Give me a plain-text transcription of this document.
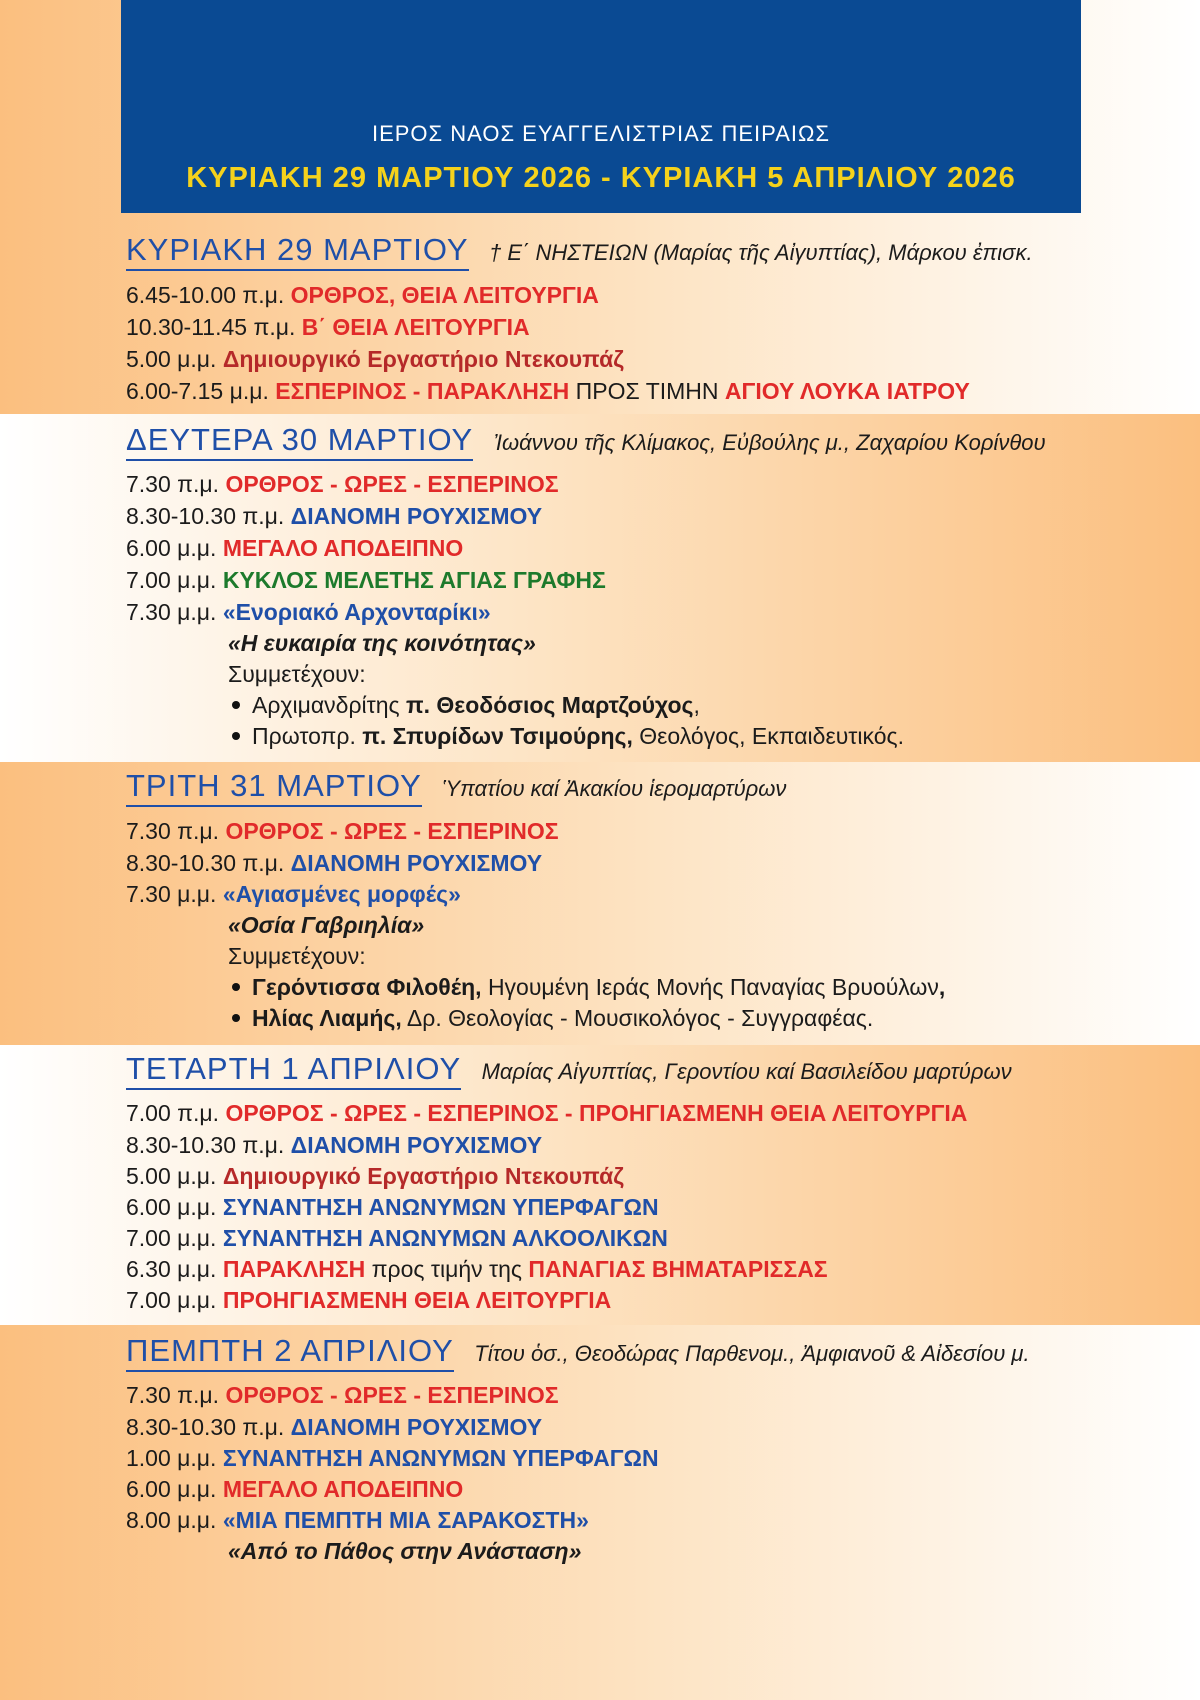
ΙΕΡΟΣ ΝΑΟΣ ΕΥΑΓΓΕΛΙΣΤΡΙΑΣ ΠΕΙΡΑΙΩΣ
ΚΥΡΙΑΚΗ 29 ΜΑΡΤΙΟΥ 2026 - ΚΥΡΙΑΚΗ 5 ΑΠΡΙΛΙΟΥ 2026
ΚΥΡΙΑΚΗ 29 ΜΑΡΤΙΟΥ † Ε΄ ΝΗΣΤΕΙΩΝ (Μαρίας τῆς Αἰγυπτίας), Μάρκου ἐπισκ.
6.45-10.00 π.μ. ΟΡΘΡΟΣ, ΘΕΙΑ ΛΕΙΤΟΥΡΓΙΑ
10.30-11.45 π.μ. Β΄ ΘΕΙΑ ΛΕΙΤΟΥΡΓΙΑ
5.00 μ.μ. Δημιουργικό Εργαστήριο Ντεκουπάζ
6.00-7.15 μ.μ. ΕΣΠΕΡΙΝΟΣ - ΠΑΡΑΚΛΗΣΗ ΠΡΟΣ ΤΙΜΗΝ ΑΓΙΟΥ ΛΟΥΚΑ ΙΑΤΡΟΥ
ΔΕΥΤΕΡΑ 30 ΜΑΡΤΙΟΥ Ἰωάννου τῆς Κλίμακος, Εὐβούλης μ., Ζαχαρίου Κορίνθου
7.30 π.μ. ΟΡΘΡΟΣ - ΩΡΕΣ - ΕΣΠΕΡΙΝΟΣ
8.30-10.30 π.μ. ΔΙΑΝΟΜΗ ΡΟΥΧΙΣΜΟΥ
6.00 μ.μ. ΜΕΓΑΛΟ ΑΠΟΔΕΙΠΝΟ
7.00 μ.μ. ΚΥΚΛΟΣ ΜΕΛΕΤΗΣ ΑΓΙΑΣ ΓΡΑΦΗΣ
7.30 μ.μ. «Ενοριακό Αρχονταρίκι»
«Η ευκαιρία της κοινότητας»
Συμμετέχουν:
Αρχιμανδρίτης π. Θεοδόσιος Μαρτζούχος,
Πρωτοπρ. π. Σπυρίδων Τσιμούρης, Θεολόγος, Εκπαιδευτικός.
ΤΡΙΤΗ 31 ΜΑΡΤΙΟΥ Ὑπατίου καί Ἀκακίου ἱερομαρτύρων
7.30 π.μ. ΟΡΘΡΟΣ - ΩΡΕΣ - ΕΣΠΕΡΙΝΟΣ
8.30-10.30 π.μ. ΔΙΑΝΟΜΗ ΡΟΥΧΙΣΜΟΥ
7.30 μ.μ. «Αγιασμένες μορφές»
«Οσία Γαβριηλία»
Συμμετέχουν:
Γερόντισσα Φιλοθέη, Ηγουμένη Ιεράς Μονής Παναγίας Βρυούλων,
Ηλίας Λιαμής, Δρ. Θεολογίας - Μουσικολόγος - Συγγραφέας.
ΤΕΤΑΡΤΗ 1 ΑΠΡΙΛΙΟΥ Μαρίας Αἰγυπτίας, Γεροντίου καί Βασιλείδου μαρτύρων
7.00 π.μ. ΟΡΘΡΟΣ - ΩΡΕΣ - ΕΣΠΕΡΙΝΟΣ - ΠΡΟΗΓΙΑΣΜΕΝΗ ΘΕΙΑ ΛΕΙΤΟΥΡΓΙΑ
8.30-10.30 π.μ. ΔΙΑΝΟΜΗ ΡΟΥΧΙΣΜΟΥ
5.00 μ.μ. Δημιουργικό Εργαστήριο Ντεκουπάζ
6.00 μ.μ. ΣΥΝΑΝΤΗΣΗ ΑΝΩΝΥΜΩΝ ΥΠΕΡΦΑΓΩΝ
7.00 μ.μ. ΣΥΝΑΝΤΗΣΗ ΑΝΩΝΥΜΩΝ ΑΛΚΟΟΛΙΚΩΝ
6.30 μ.μ. ΠΑΡΑΚΛΗΣΗ προς τιμήν της ΠΑΝΑΓΙΑΣ ΒΗΜΑΤΑΡΙΣΣΑΣ
7.00 μ.μ. ΠΡΟΗΓΙΑΣΜΕΝΗ ΘΕΙΑ ΛΕΙΤΟΥΡΓΙΑ
ΠΕΜΠΤΗ 2 ΑΠΡΙΛΙΟΥ Τίτου ὁσ., Θεοδώρας Παρθενομ., Ἀμφιανοῦ & Αἰδεσίου μ.
7.30 π.μ. ΟΡΘΡΟΣ - ΩΡΕΣ - ΕΣΠΕΡΙΝΟΣ
8.30-10.30 π.μ. ΔΙΑΝΟΜΗ ΡΟΥΧΙΣΜΟΥ
1.00 μ.μ. ΣΥΝΑΝΤΗΣΗ ΑΝΩΝΥΜΩΝ ΥΠΕΡΦΑΓΩΝ
6.00 μ.μ. ΜΕΓΑΛΟ ΑΠΟΔΕΙΠΝΟ
8.00 μ.μ. «ΜΙΑ ΠΕΜΠΤΗ ΜΙΑ ΣΑΡΑΚΟΣΤΗ»
«Από το Πάθος στην Ανάσταση»
